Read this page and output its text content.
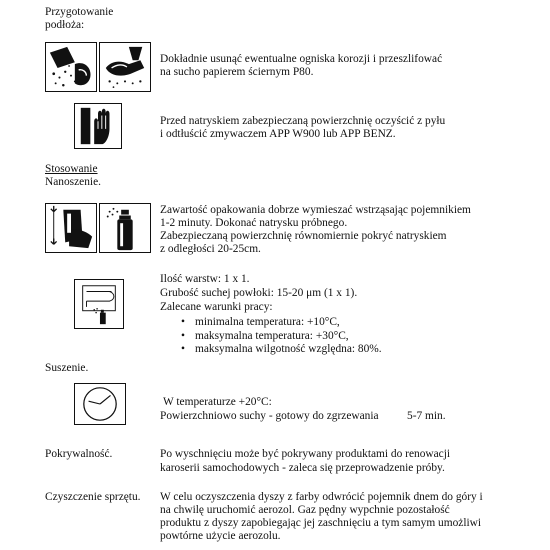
Przygotowanie
podłoża:
Dokładnie usunąć ewentualne ogniska korozji i przeszlifować
na sucho papierem ściernym P80.
Przed natryskiem zabezpieczaną powierzchnię oczyścić z pyłu
i odtłuścić zmywaczem APP W900 lub APP BENZ.
Stosowanie
Nanoszenie.
Zawartość opakowania dobrze wymieszać wstrząsając pojemnikiem
1-2 minuty. Dokonać natrysku próbnego.
Zabezpieczaną powierzchnię równomiernie pokryć natryskiem
z odległości 20-25cm.
Ilość warstw: 1 x 1.
Grubość suchej powłoki: 15-20 μm (1 x 1).
Zalecane warunki pracy:
• minimalna temperatura: +10°C,
• maksymalna temperatura: +30°C,
• maksymalna wilgotność względna: 80%.
Suszenie.
W temperaturze +20°C:
Powierzchniowo suchy - gotowy do zgrzewania 5-7 min.
Pokrywalność.	Po wyschnięciu może być pokrywany produktami do renowacji
karoserii samochodowych - zaleca się przeprowadzenie próby.
Czyszczenie sprzętu. W celu oczyszczenia dyszy z farby odwrócić pojemnik dnem do góry i
na chwilę uruchomić aerozol. Gaz pędny wypchnie pozostałość
produktu z dyszy zapobiegając jej zaschnięciu a tym samym umożliwi
powtórne użycie aerozolu.
